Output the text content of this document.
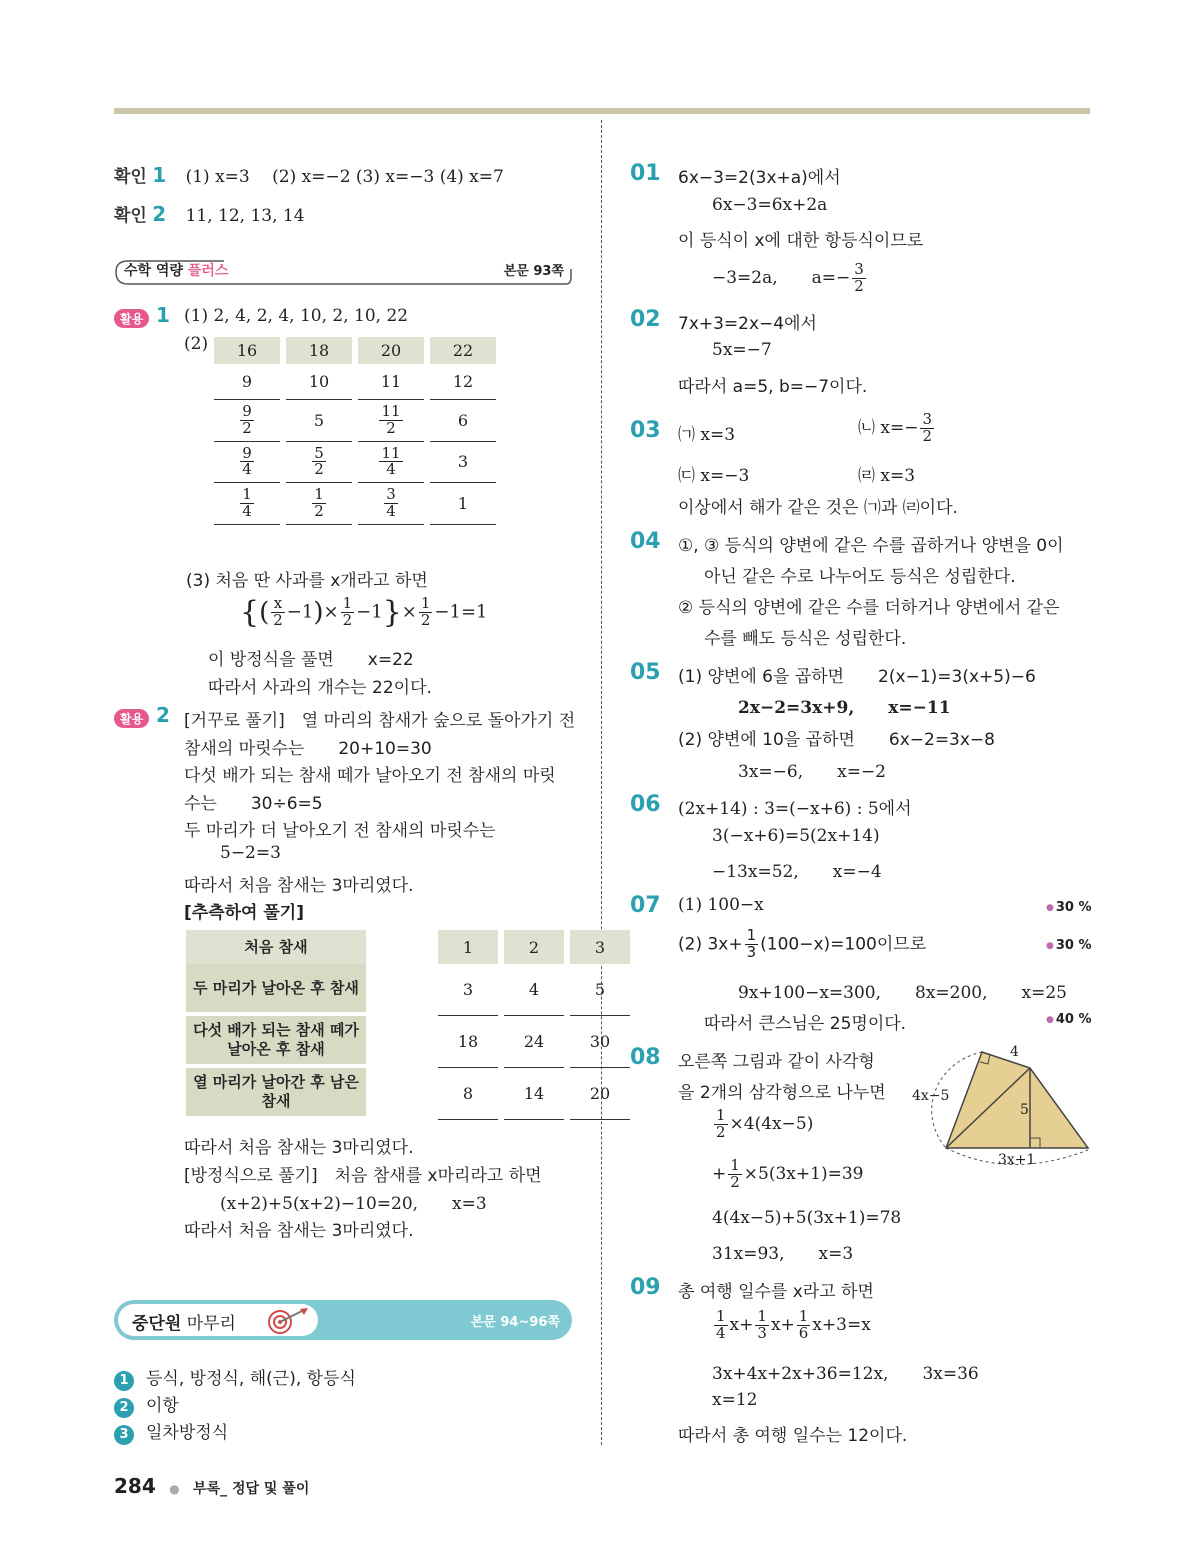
확인 1 (1) x=3　 (2) x=−2 (3) x=−3 (4) x=7
확인 2 11, 12, 13, 14
수학 역량 플러스	본문 93쪽
활용 1 (1) 2, 4, 2, 4, 10, 2, 10, 22
(2) 16	18	20	22
9	10	11	12

$\frac{9}{2}$	5	$\frac{11}{2}$	6

$\frac{9}{4}$	$\frac{5}{2}$	$\frac{11}{4}$	3

$\frac{1}{4}$	$\frac{1}{2}$	$\frac{3}{4}$	1
(3) 처음 딴 사과를 x개라고 하면
{( $\frac{x}{2} -1)\times \frac{1}{2} -1\}\times \frac{1}{2} -1=1$
이 방정식을 풀면　　x=22
따라서 사과의 개수는 22이다.
활용 2 [거꾸로 풀기]　열 마리의 참새가 숲으로 돌아가기 전
참새의 마릿수는　　20+10=30
다섯 배가 되는 참새 떼가 날아오기 전 참새의 마릿
수는　　30÷6=5
두 마리가 더 날아오기 전 참새의 마릿수는
5−2=3
따라서 처음 참새는 3마리였다.
[추측하여 풀기]
처음 참새		1	2	3
두 마리가 날아온 후 참새		3	4	5
다섯 배가 되는 참새 떼가 날아온 후 참새		18	24	30
열 마리가 날아간 후 남은 참새		8	14	20
따라서 처음 참새는 3마리였다.
[방정식으로 풀기]　처음 참새를 x마리라고 하면
(x+2)+5(x+2)−10=20,　　x=3
따라서 처음 참새는 3마리였다.
중단원 마무리	본문 94~96쪽
1 등식, 방정식, 해(근), 항등식
2 이항
3 일차방정식
284 ● 부록_ 정답 및 풀이
01 6x−3=2(3x+a)에서
6x−3=6x+2a
이 등식이 x에 대한 항등식이므로
−3=2a,　　$a=- \frac{3}{2}$
02 7x+3=2x−4에서
5x=−7
따라서 a=5, b=−7이다.
03 ㈀ x=3	㈁ $x=- \frac{3}{2}$
㈂ x=−3	㈃ x=3
이상에서 해가 같은 것은 ㈀과 ㈃이다.
04 ①, ③ 등식의 양변에 같은 수를 곱하거나 양변을 0이
아닌 같은 수로 나누어도 등식은 성립한다.
② 등식의 양변에 같은 수를 더하거나 양변에서 같은
수를 빼도 등식은 성립한다.
05 (1) 양변에 6을 곱하면　　2(x−1)=3(x+5)−6
2x−2=3x+9,　　x=−11
(2) 양변에 10을 곱하면　　6x−2=3x−8
3x=−6,　　x=−2
06 (2x+14) : 3=(−x+6) : 5에서
3(−x+6)=5(2x+14)
−13x=52,　　x=−4
07 (1) 100−x	● 30 %
(2) $3x+ \frac{1}{3} (100-x)=100$이므로	● 30 %
9x+100−x=300,　　8x=200,　　x=25
따라서 큰스님은 25명이다.	● 40 %
08 오른쪽 그림과 같이 사각형
을 2개의 삼각형으로 나누면
$\frac{1}{2} \times 4(4x-5)$
+ $\frac{1}{2} \times 5(3x+1)=39$
4(4x−5)+5(3x+1)=78
31x=93,　　x=3
4
4x−5
5
3x+1
09 총 여행 일수를 x라고 하면
$\frac{1}{4} x+ \frac{1}{3} x+ \frac{1}{6} x+3=x$
3x+4x+2x+36=12x,　　3x=36
x=12
따라서 총 여행 일수는 12이다.
